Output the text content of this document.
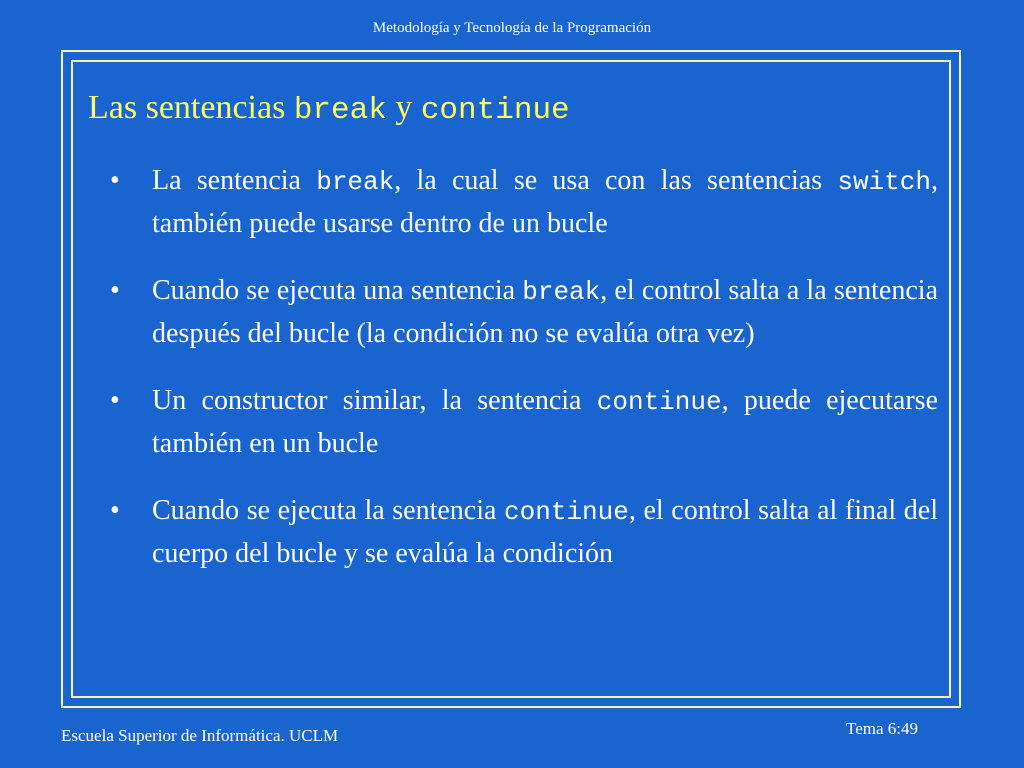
Metodología y Tecnología de la Programación
Las sentencias break y continue
• La sentencia break, la cual se usa con las sentencias switch, también puede usarse dentro de un bucle
• Cuando se ejecuta una sentencia break, el control salta a la sentencia después del bucle (la condición no se evalúa otra vez)
• Un constructor similar, la sentencia continue, puede ejecutarse también en un bucle
• Cuando se ejecuta la sentencia continue, el control salta al final del cuerpo del bucle y se evalúa la condición
Escuela Superior de Informática. UCLM	Tema 6:49
